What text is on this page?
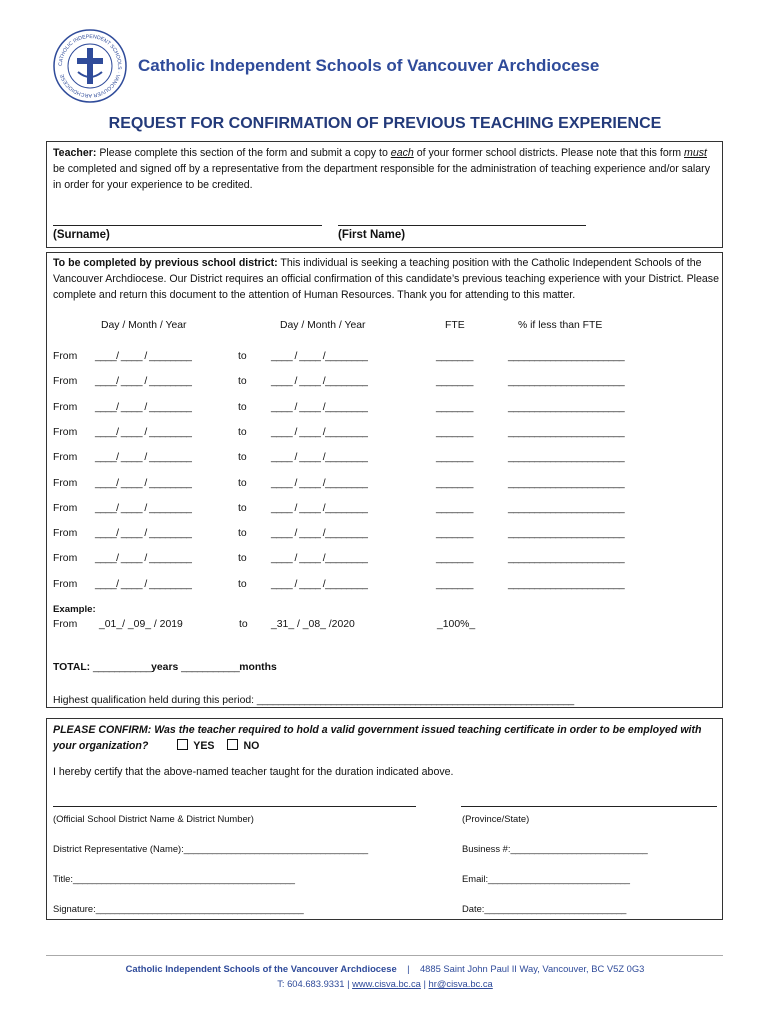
CATHOLIC INDEPENDENT SCHOOLS · VANCOUVER ARCHDIOCESE
Catholic Independent Schools of Vancouver Archdiocese
REQUEST FOR CONFIRMATION OF PREVIOUS TEACHING EXPERIENCE
Teacher: Please complete this section of the form and submit a copy to each of your former school districts. Please note that this form must be completed and signed off by a representative from the department responsible for the administration of teaching experience and/or salary in order for your experience to be credited.
(Surname)	(First Name)
To be completed by previous school district: This individual is seeking a teaching position with the Catholic Independent Schools of the Vancouver Archdiocese. Our District requires an official confirmation of this candidate’s previous teaching experience with your District. Please complete and return this document to the attention of Human Resources. Thank you for attending to this matter.
Day / Month / Year	Day / Month / Year	FTE	% if less than FTE
From ____/ ____ / ________	to ____ / ____ /________	_______	______________________
From ____/ ____ / ________	to ____ / ____ /________	_______	______________________
From ____/ ____ / ________	to ____ / ____ /________	_______	______________________
From ____/ ____ / ________	to ____ / ____ /________	_______	______________________
From ____/ ____ / ________	to ____ / ____ /________	_______	______________________
From ____/ ____ / ________	to ____ / ____ /________	_______	______________________
From ____/ ____ / ________	to ____ / ____ /________	_______	______________________
From ____/ ____ / ________	to ____ / ____ /________	_______	______________________
From ____/ ____ / ________	to ____ / ____ /________	_______	______________________
From ____/ ____ / ________	to ____ / ____ /________	_______	______________________
Example:
From _01_/ _09_ / 2019	to _31_ / _08_ /2020	_100%_
TOTAL: ___________years ___________months
Highest qualification held during this period: ____________________________________________________________
PLEASE CONFIRM: Was the teacher required to hold a valid government issued teaching certificate in order to be employed with your organization?	YES	NO
I hereby certify that the above-named teacher taught for the duration indicated above.
(Official School District Name & District Number)	(Province/State)
District Representative (Name):_______________________________________	Business #:_____________________________
Title:_______________________________________________	Email:______________________________
Signature:____________________________________________	Date:______________________________
Catholic Independent Schools of the Vancouver Archdiocese | 4885 Saint John Paul II Way, Vancouver, BC V5Z 0G3
T: 604.683.9331 | www.cisva.bc.ca | hr@cisva.bc.ca
